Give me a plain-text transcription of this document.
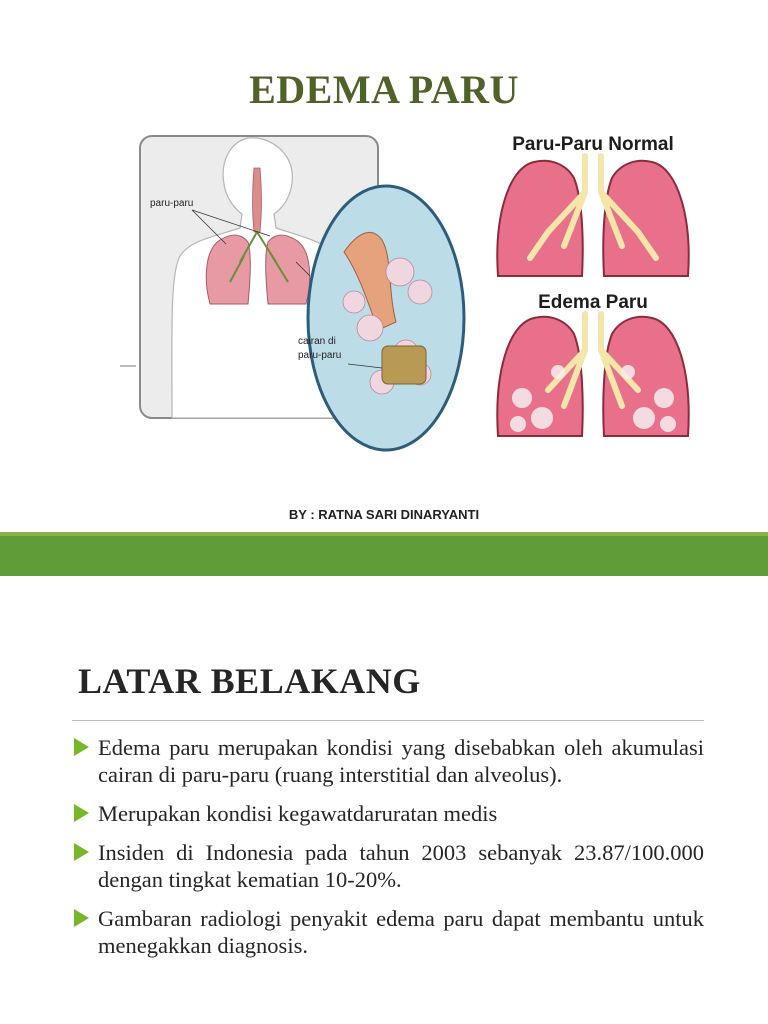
EDEMA PARU
paru-paru
cairan di
paru-paru
Paru-Paru Normal
Edema Paru
BY : RATNA SARI DINARYANTI
LATAR BELAKANG
Edema paru merupakan kondisi yang disebabkan oleh akumulasi cairan di paru-paru (ruang interstitial dan alveolus).
Merupakan kondisi kegawatdaruratan medis
Insiden di Indonesia pada tahun 2003 sebanyak 23.87/100.000 dengan tingkat kematian 10-20%.
Gambaran radiologi penyakit edema paru dapat membantu untuk menegakkan diagnosis.
